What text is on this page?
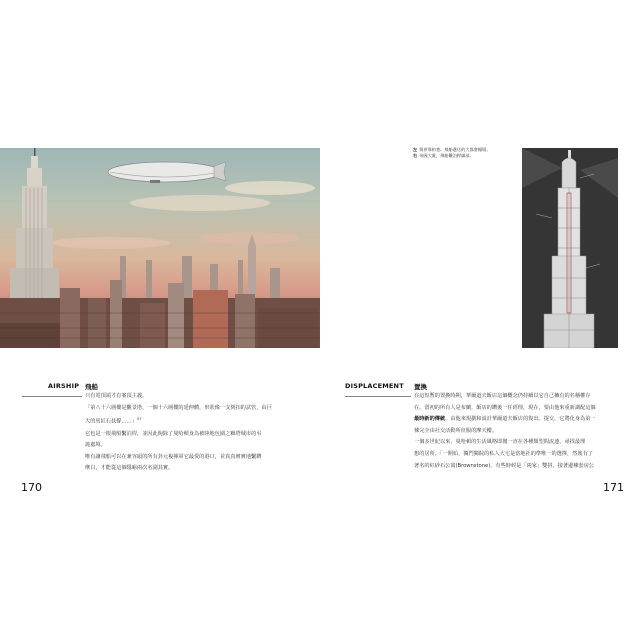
左 與停靠柏巷。飛船遞送的大都會檯場。
右 帝國大廈，飛船繫泊桿細部。
AIRSHIP 飛船

只有電頂端才有案頂主義。

「第八十六層樓是觀景塔，一個十六層樓的延伸體，形狀像一支倒扣的試管，由巨

大的馬紅石扶撐……」$^{57}$

它也是一根飛船繫泊桿，並因此淘除了曼哈頓身為被陸地包圍之癥塔城市的弔

詭處境。

唯有讓飛船可以在兼容頭的所有卦元複揮軍它最愛的港口，並真真實實地繫鑽

摩白，才能從這個隱喻兩次名副其實。

170
DISPLACEMENT 置換

在這短暫的置換時期，華爾道夫飯店這個概念仍持續以它自己擁有的名稱權存

在。當初的所有人是布蘭，飯店的鑽後一任經理，現在，要由他來重新調配這個

最時新的傳統，由他來規劃和設計華爾道夫飯店的復出。提交，它將化身為第一

棟完全由社交活動所征服的摩天樓。

一個多世紀以來，曼哈頓的生活風格即拋一直在各種類型間流連，尋找最理

想的居所。「一開始，獨門獨院的私人大宅是當地社的準唯一的選擇，然後有了

著名的紅砂石公寓(Brownstone)，有些時候是「兩家」雙拼，接著邊棟套房公

171
